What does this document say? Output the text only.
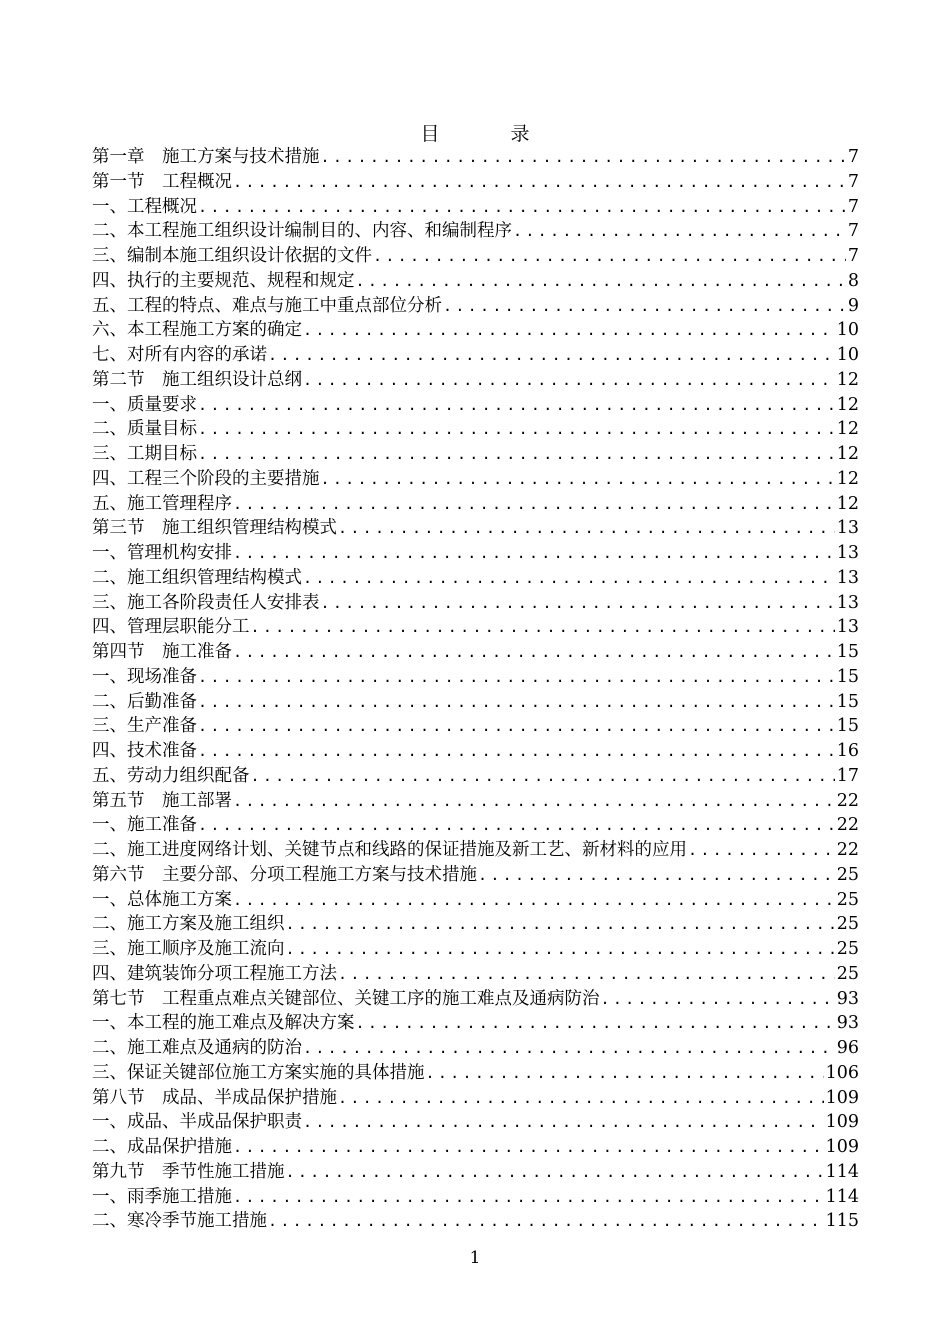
目　录
第一章　施工方案与技术措施 .....	7
第一节　工程概况 .....	7
一、工程概况 .....	7
二、本工程施工组织设计编制目的、内容、和编制程序 .....	7
三、编制本施工组织设计依据的文件 .....	7
四、执行的主要规范、规程和规定 .....	8
五、工程的特点、难点与施工中重点部位分析 .....	9
六、本工程施工方案的确定 .....	10
七、对所有内容的承诺 .....	10
第二节　施工组织设计总纲 .....	12
一、质量要求 .....	12
二、质量目标 .....	12
三、工期目标 .....	12
四、工程三个阶段的主要措施 .....	12
五、施工管理程序 .....	12
第三节　施工组织管理结构模式 .....	13
一、管理机构安排 .....	13
二、施工组织管理结构模式 .....	13
三、施工各阶段责任人安排表 .....	13
四、管理层职能分工 .....	13
第四节　施工准备 .....	15
一、现场准备 .....	15
二、后勤准备 .....	15
三、生产准备 .....	15
四、技术准备 .....	16
五、劳动力组织配备 .....	17
第五节　施工部署 .....	22
一、施工准备 .....	22
二、施工进度网络计划、关键节点和线路的保证措施及新工艺、新材料的应用 .....	22
第六节　主要分部、分项工程施工方案与技术措施 .....	25
一、总体施工方案 .....	25
二、施工方案及施工组织 .....	25
三、施工顺序及施工流向 .....	25
四、建筑装饰分项工程施工方法 .....	25
第七节　工程重点难点关键部位、关键工序的施工难点及通病防治 .....	93
一、本工程的施工难点及解决方案 .....	93
二、施工难点及通病的防治 .....	96
三、保证关键部位施工方案实施的具体措施 .....	106
第八节　成品、半成品保护措施 .....	109
一、成品、半成品保护职责 .....	109
二、成品保护措施 .....	109
第九节　季节性施工措施 .....	114
一、雨季施工措施 .....	114
二、寒冷季节施工措施 .....	115
1
